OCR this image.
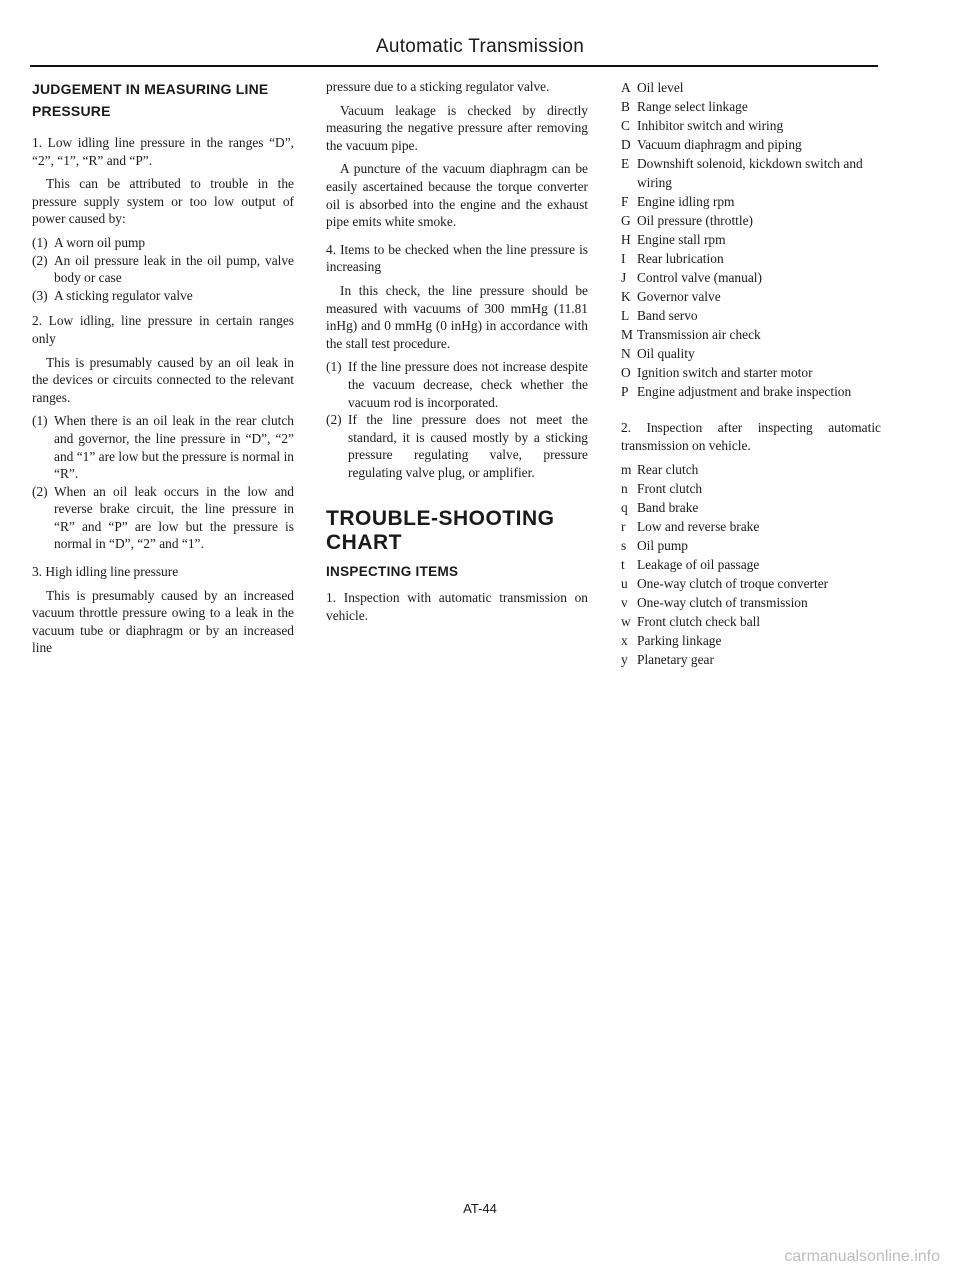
Automatic Transmission
JUDGEMENT IN MEASURING LINE PRESSURE

1. Low idling line pressure in the ranges “D”, “2”, “1”, “R” and “P”.

This can be attributed to trouble in the pressure supply system or too low output of power caused by:

(1) A worn oil pump
(2) An oil pressure leak in the oil pump, valve body or case
(3) A sticking regulator valve

2. Low idling, line pressure in certain ranges only

This is presumably caused by an oil leak in the devices or circuits connected to the relevant ranges.

(1) When there is an oil leak in the rear clutch and governor, the line pressure in “D”, “2” and “1” are low but the pressure is normal in “R”.
(2) When an oil leak occurs in the low and reverse brake circuit, the line pressure in “R” and “P” are low but the pressure is normal in “D”, “2” and “1”.

3. High idling line pressure

This is presumably caused by an increased vacuum throttle pressure owing to a leak in the vacuum tube or diaphragm or by an increased line

pressure due to a sticking regulator valve.

Vacuum leakage is checked by directly measuring the negative pressure after removing the vacuum pipe.

A puncture of the vacuum diaphragm can be easily ascertained because the torque converter oil is absorbed into the engine and the exhaust pipe emits white smoke.

4. Items to be checked when the line pressure is increasing

In this check, the line pressure should be measured with vacuums of 300 mmHg (11.81 inHg) and 0 mmHg (0 inHg) in accordance with the stall test procedure.

(1) If the line pressure does not increase despite the vacuum decrease, check whether the vacuum rod is incorporated.
(2) If the line pressure does not meet the standard, it is caused mostly by a sticking pressure regulating valve, pressure regulating valve plug, or amplifier.
TROUBLE-SHOOTING CHART
INSPECTING ITEMS

1. Inspection with automatic transmission on vehicle.

A Oil level
B Range select linkage
C Inhibitor switch and wiring
D Vacuum diaphragm and piping
E Downshift solenoid, kickdown switch and wiring
F Engine idling rpm
G Oil pressure (throttle)
H Engine stall rpm
I Rear lubrication
J Control valve (manual)
K Governor valve
L Band servo
M Transmission air check
N Oil quality
O Ignition switch and starter motor
P Engine adjustment and brake inspection

2. Inspection after inspecting automatic transmission on vehicle.

m Rear clutch
n Front clutch
q Band brake
r Low and reverse brake
s Oil pump
t Leakage of oil passage
u One-way clutch of troque converter
v One-way clutch of transmission
w Front clutch check ball
x Parking linkage
y Planetary gear
AT-44
carmanualsonline.info
